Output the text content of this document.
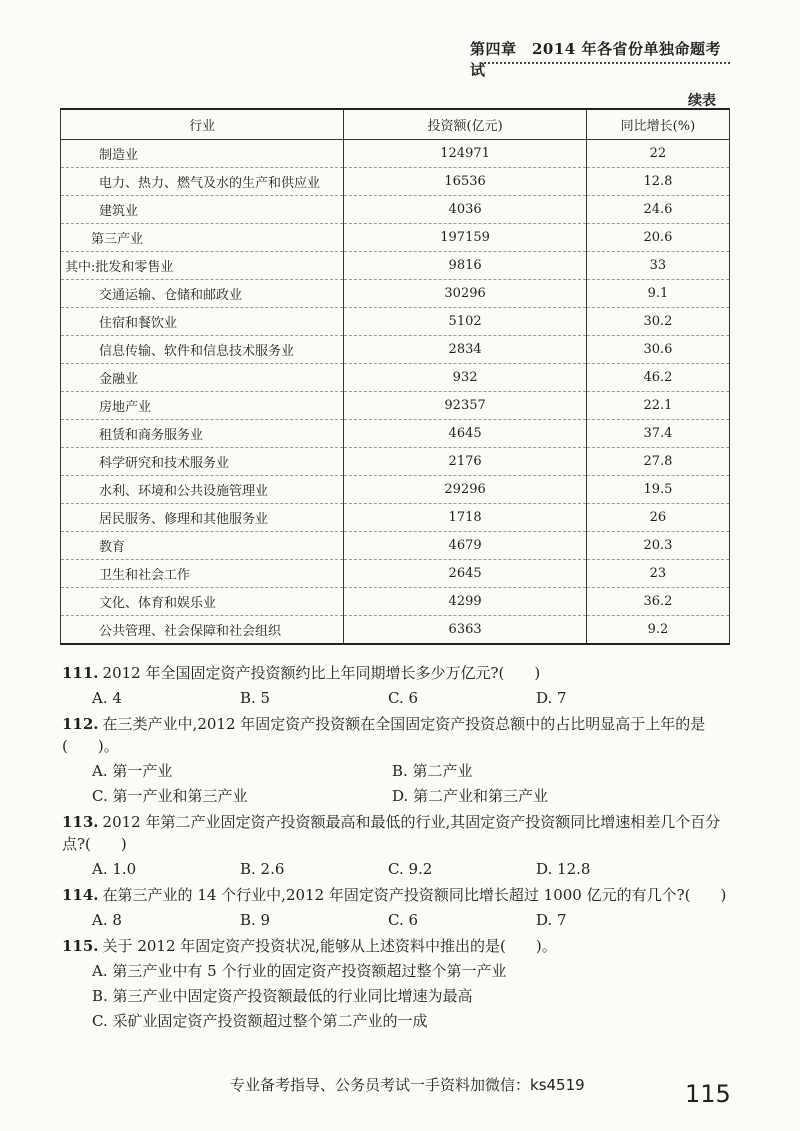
第四章　2014 年各省份单独命题考试
续表
行业	投资额(亿元)	同比增长(%)
制造业	124971	22
电力、热力、燃气及水的生产和供应业	16536	12.8
建筑业	4036	24.6
第三产业	197159	20.6
其中:批发和零售业	9816	33
交通运输、仓储和邮政业	30296	9.1
住宿和餐饮业	5102	30.2
信息传输、软件和信息技术服务业	2834	30.6
金融业	932	46.2
房地产业	92357	22.1
租赁和商务服务业	4645	37.4
科学研究和技术服务业	2176	27.8
水利、环境和公共设施管理业	29296	19.5
居民服务、修理和其他服务业	1718	26
教育	4679	20.3
卫生和社会工作	2645	23
文化、体育和娱乐业	4299	36.2
公共管理、社会保障和社会组织	6363	9.2
111. 2012 年全国固定资产投资额约比上年同期增长多少万亿元?(　　)
A. 4	B. 5	C. 6	D. 7
112. 在三类产业中,2012 年固定资产投资额在全国固定资产投资总额中的占比明显高于上年的是(　　)。
A. 第一产业	B. 第二产业
C. 第一产业和第三产业	D. 第二产业和第三产业
113. 2012 年第二产业固定资产投资额最高和最低的行业,其固定资产投资额同比增速相差几个百分点?(　　)
A. 1.0	B. 2.6	C. 9.2	D. 12.8
114. 在第三产业的 14 个行业中,2012 年固定资产投资额同比增长超过 1000 亿元的有几个?(　　)
A. 8	B. 9	C. 6	D. 7
115. 关于 2012 年固定资产投资状况,能够从上述资料中推出的是(　　)。
A. 第三产业中有 5 个行业的固定资产投资额超过整个第一产业
B. 第三产业中固定资产投资额最低的行业同比增速为最高
C. 采矿业固定资产投资额超过整个第二产业的一成
专业备考指导、公务员考试一手资料加微信：ks4519	115
